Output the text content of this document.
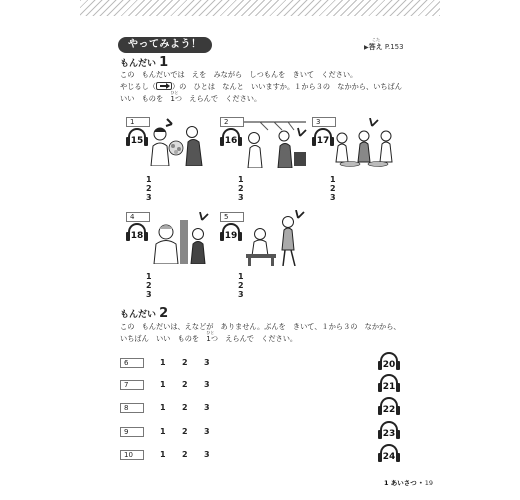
やってみよう！	▶
こた
答え P.153
もんだい 1
この　もんだいでは　えを　みながら　しつもんを　きいて　ください。
やじるし（ ）の　ひとは　なんと　いいますか。１から３の　なかから、いちばん
いい　ものを　
ひと
1つ　えらんで　ください。
1
15
123
2
16
123
3
17
123
4
18
123
5
19
123
もんだい 2
この　もんだいは、えなどが　ありません。ぶんを　きいて、１から３の　なかから、
いちばん　いい　ものを　
ひと
1つ　えらんで　ください。
6	1 2 3	20
7	1 2 3	21
8	1 2 3	22
9	1 2 3	23
10	1 2 3	24
1 あいさつ • 19
